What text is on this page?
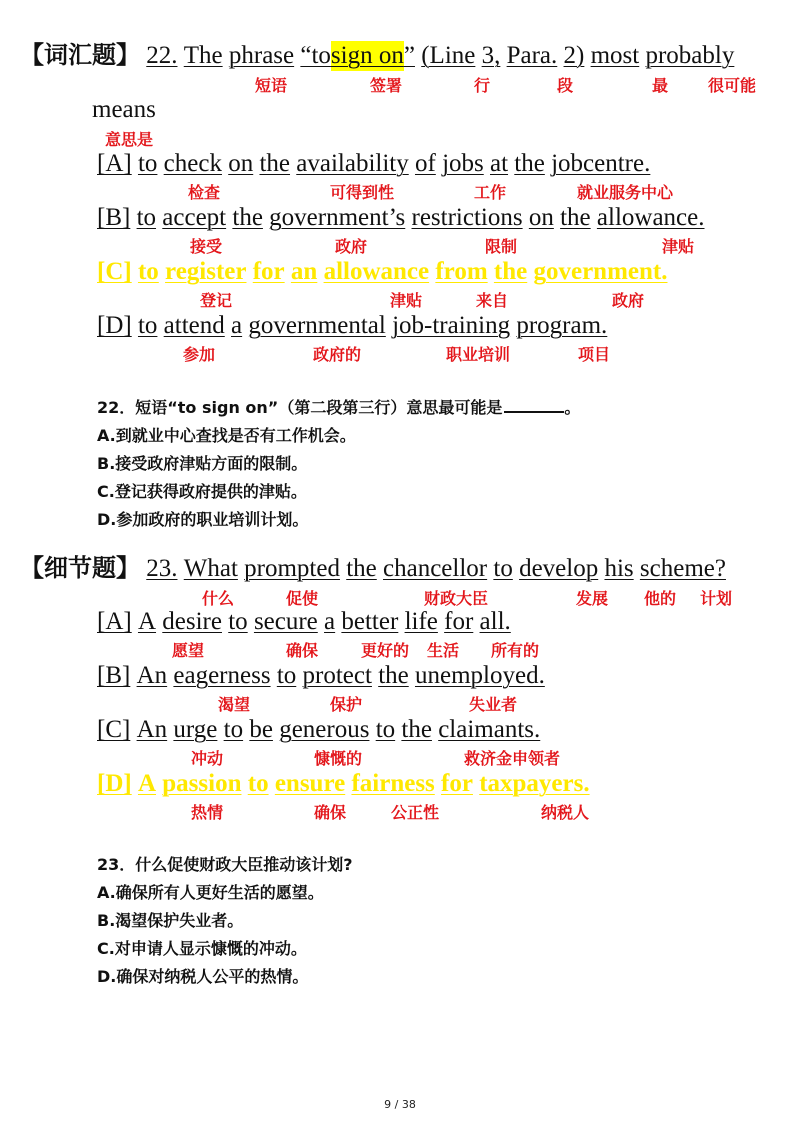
【词汇题】 22. The phrase “tosign on” (Line 3, Para. 2) most probably
短语	签署	行	段	最 很可能
means
意思是
[A] to check on the availability of jobs at the jobcentre.
检查	可得到性	工作	就业服务中心
[B] to accept the government’s restrictions on the allowance.
接受	政府	限制	津贴
[C] to register for an allowance from the government.
登记	津贴	来自	政府
[D] to attend a governmental job-training program.
参加	政府的	职业培训	项目
22．短语“to sign on”（第二段第三行）意思最可能是	。
A.到就业中心查找是否有工作机会。
B.接受政府津贴方面的限制。
C.登记获得政府提供的津贴。
D.参加政府的职业培训计划。
【细节题】 23. What prompted the chancellor to develop his scheme?
什么	促使	财政大臣	发展 他的 计划
[A] A desire to secure a better life for all.
愿望	确保	更好的 生活 所有的
[B] An eagerness to protect the unemployed.
渴望	保护	失业者
[C] An urge to be generous to the claimants.
冲动	慷慨的	救济金申领者
[D] A passion to ensure fairness for taxpayers.
热情	确保	公正性	纳税人
23．什么促使财政大臣推动该计划?
A.确保所有人更好生活的愿望。
B.渴望保护失业者。
C.对申请人显示慷慨的冲动。
D.确保对纳税人公平的热情。
9 / 38
